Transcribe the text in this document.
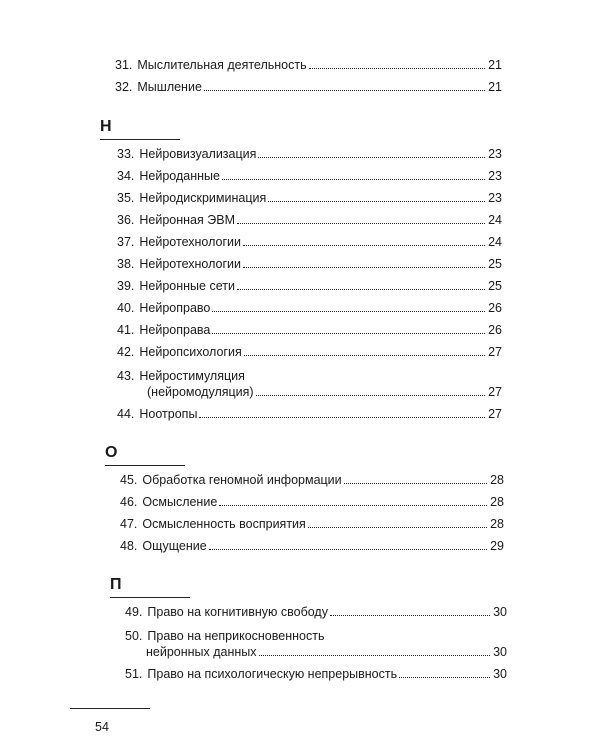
31. Мыслительная деятельность	21
32. Мышление	21
Н
33. Нейровизуализация	23
34. Нейроданные	23
35. Нейродискриминация	23
36. Нейронная ЭВМ	24
37. Нейротехнологии	24
38. Нейротехнологии	25
39. Нейронные сети	25
40. Нейроправо	26
41. Нейроправа	26
42. Нейропсихология	27
43. Нейростимуляция
(нейромодуляция)	27
44. Ноотропы	27
О
45. Обработка геномной информации	28
46. Осмысление	28
47. Осмысленность восприятия	28
48. Ощущение	29
П
49. Право на когнитивную свободу	30
50. Право на неприкосновенность
нейронных данных	30
51. Право на психологическую непрерывность	30
54
